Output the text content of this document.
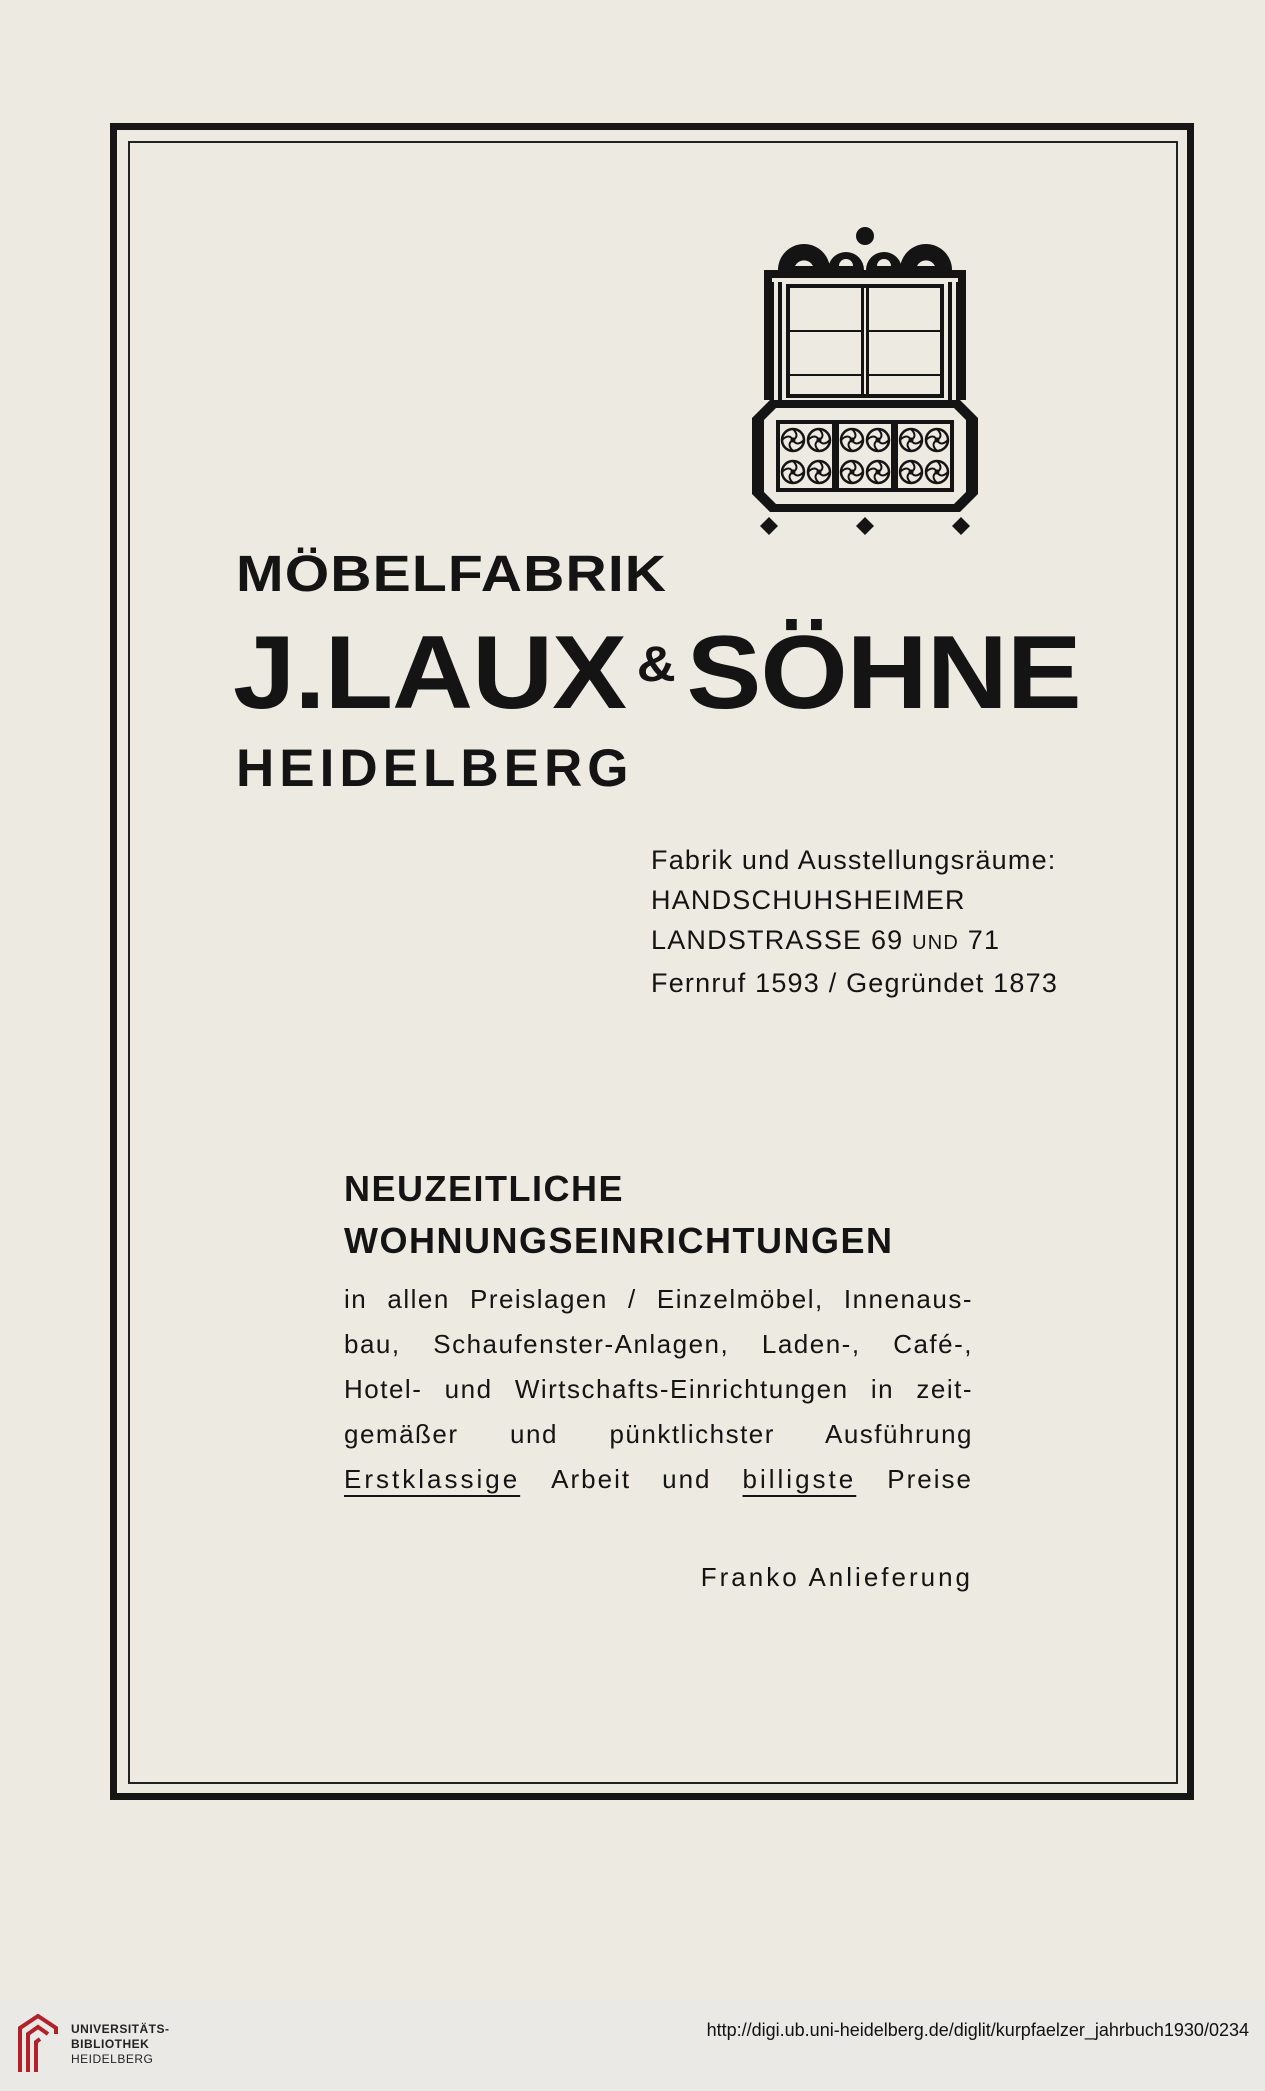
MÖBELFABRIK
J.LAUX & SÖHNE
HEIDELBERG
Fabrik und Ausstellungsräume:
HANDSCHUHSHEIMER
LANDSTRASSE 69 UND 71
Fernruf 1593 / Gegründet 1873
NEUZEITLICHE
WOHNUNGSEINRICHTUNGEN
in allen Preislagen / Einzelmöbel, Innenaus-
bau, Schaufenster-Anlagen, Laden-, Café-,
Hotel- und Wirtschafts-Einrichtungen in zeit-
gemäßer und pünktlichster Ausführung
Erstklassige Arbeit und billigste Preise
Franko Anlieferung
UNIVERSITÄTS-
BIBLIOTHEK
HEIDELBERG
http://digi.ub.uni-heidelberg.de/diglit/kurpfaelzer_jahrbuch1930/0234
